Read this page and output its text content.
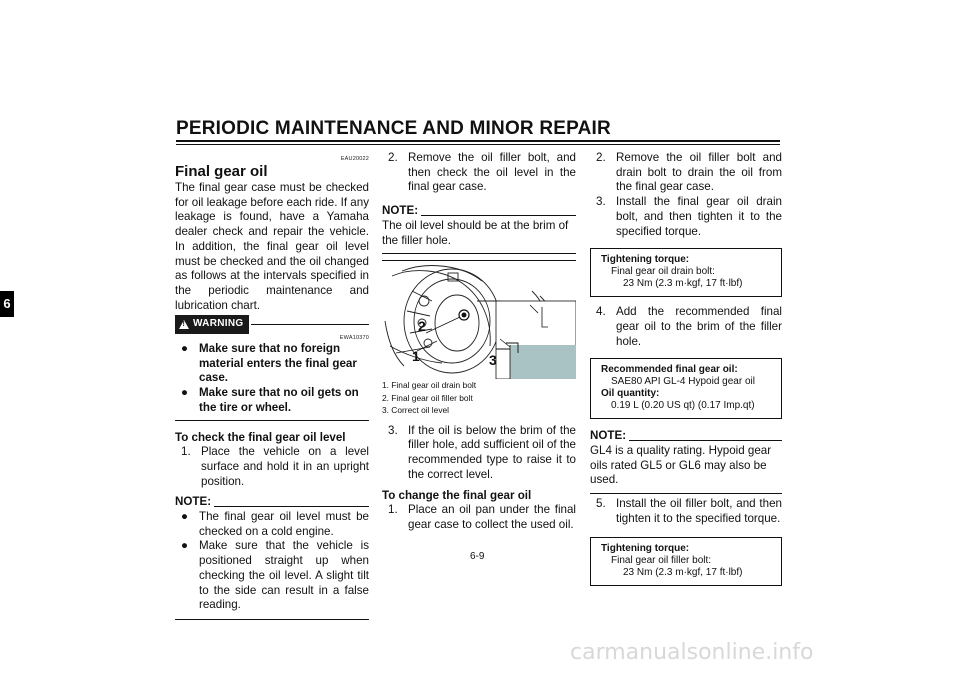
PERIODIC MAINTENANCE AND MINOR REPAIR
6
EAU20022
Final gear oil

The final gear case must be checked for oil leakage before each ride. If any leakage is found, have a Yamaha dealer check and repair the vehicle. In addition, the final gear oil level must be checked and the oil changed as follows at the intervals specified in the periodic maintenance and lubrication chart.

! WARNING
EWA10370
● Make sure that no foreign material enters the final gear case.
● Make sure that no oil gets on the tire or wheel.

To check the final gear oil level

1. Place the vehicle on a level surface and hold it in an upright position.
NOTE:
● The final gear oil level must be checked on a cold engine.
● Make sure that the vehicle is positioned straight up when checking the oil level. A slight tilt to the side can result in a false reading.
2. Remove the oil filler bolt, and then check the oil level in the final gear case.
NOTE:

The oil level should be at the brim of the filler hole.

1
2
3
1. Final gear oil drain bolt
2. Final gear oil filler bolt
3. Correct oil level
3. If the oil is below the brim of the filler hole, add sufficient oil of the recommended type to raise it to the correct level.

To change the final gear oil

1. Place an oil pan under the final gear case to collect the used oil.
2. Remove the oil filler bolt and drain bolt to drain the oil from the final gear case.
3. Install the final gear oil drain bolt, and then tighten it to the specified torque.
Tightening torque:
Final gear oil drain bolt:
23 Nm (2.3 m·kgf, 17 ft·lbf)
4. Add the recommended final gear oil to the brim of the filler hole.
Recommended final gear oil:
SAE80 API GL-4 Hypoid gear oil
Oil quantity:
0.19 L (0.20 US qt) (0.17 Imp.qt)
NOTE:

GL4 is a quality rating. Hypoid gear oils rated GL5 or GL6 may also be used.

5. Install the oil filler bolt, and then tighten it to the specified torque.
Tightening torque:
Final gear oil filler bolt:
23 Nm (2.3 m·kgf, 17 ft·lbf)
6-9
carmanualsonline.info
